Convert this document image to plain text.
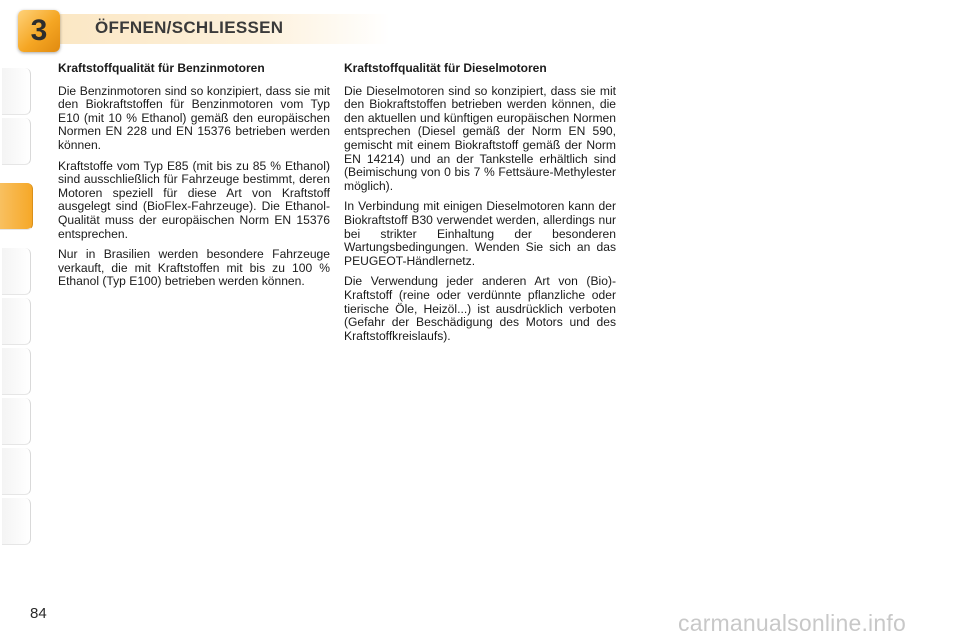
3	ÖFFNEN/SCHLIESSEN
Kraftstoffqualität für Benzinmotoren

Die Benzinmotoren sind so konzipiert, dass sie mit den Biokraftstoffen für Benzinmotoren vom Typ E10 (mit 10 % Ethanol) gemäß den europäischen Normen EN 228 und EN 15376 betrieben werden können.

Kraftstoffe vom Typ E85 (mit bis zu 85 % Ethanol) sind ausschließlich für Fahrzeuge bestimmt, deren Motoren speziell für diese Art von Kraftstoff ausgelegt sind (BioFlex-Fahrzeuge). Die Ethanol-Qualität muss der europäischen Norm EN 15376 entsprechen.

Nur in Brasilien werden besondere Fahrzeuge verkauft, die mit Kraftstoffen mit bis zu 100 % Ethanol (Typ E100) betrieben werden können.

Kraftstoffqualität für Dieselmotoren

Die Dieselmotoren sind so konzipiert, dass sie mit den Biokraftstoffen betrieben werden können, die den aktuellen und künftigen europäischen Normen entsprechen (Diesel gemäß der Norm EN 590, gemischt mit einem Biokraftstoff gemäß der Norm EN 14214) und an der Tankstelle erhältlich sind (Beimischung von 0 bis 7 % Fettsäure-Methylester möglich).

In Verbindung mit einigen Dieselmotoren kann der Biokraftstoff B30 verwendet werden, allerdings nur bei strikter Einhaltung der besonderen Wartungsbedingungen. Wenden Sie sich an das PEUGEOT-Händlernetz.

Die Verwendung jeder anderen Art von (Bio)-Kraftstoff (reine oder verdünnte pflanzliche oder tierische Öle, Heizöl...) ist ausdrücklich verboten (Gefahr der Beschädigung des Motors und des Kraftstoffkreislaufs).

84	carmanualsonline.info
